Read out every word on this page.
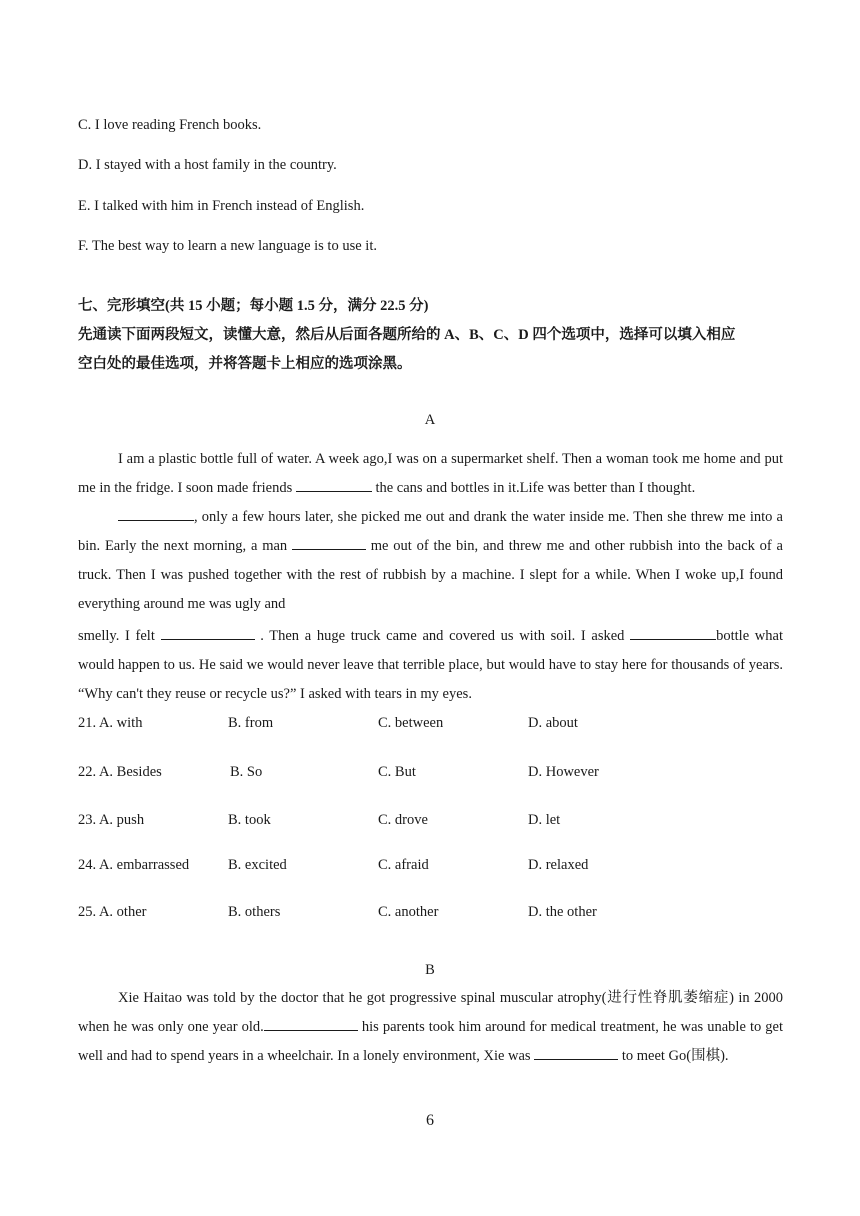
C. I love reading French books.
D. I stayed with a host family in the country.
E. I talked with him in French instead of English.
F. The best way to learn a new language is to use it.
七、完形填空(共 15 小题；每小题 1.5 分，满分 22.5 分)
先通读下面两段短文，读懂大意，然后从后面各题所给的 A、B、C、D 四个选项中，选择可以填入相应
空白处的最佳选项，并将答题卡上相应的选项涂黑。
A
I am a plastic bottle full of water. A week ago,I was on a supermarket shelf. Then a woman took me home and put me in the fridge. I soon made friends	the cans and bottles in it.Life was better than I thought.
, only a few hours later, she picked me out and drank the water inside me. Then she threw me into a bin. Early the next morning, a man	me out of the bin, and threw me and other rubbish into the back of a truck. Then I was pushed together with the rest of rubbish by a machine. I slept for a while. When I woke up,I found everything around me was ugly and
smelly. I felt	. Then a huge truck came and covered us with soil. I asked	bottle what would happen to us. He said we would never leave that terrible place, but would have to stay here for thousands of years. “Why can't they reuse or recycle us?” I asked with tears in my eyes.
21. A. with	B. from	C. between	D. about
22. A. Besides	B. So	C. But	D. However
23. A. push	B. took	C. drove	D. let
24. A. embarrassed	B. excited	C. afraid	D. relaxed
25. A. other	B. others	C. another	D. the other
B
Xie Haitao was told by the doctor that he got progressive spinal muscular atrophy(进行性脊肌萎缩症) in 2000 when he was only one year old.	his parents took him around for medical treatment, he was unable to get well and had to spend years in a wheelchair. In a lonely environment, Xie was	to meet Go(围棋).
6
